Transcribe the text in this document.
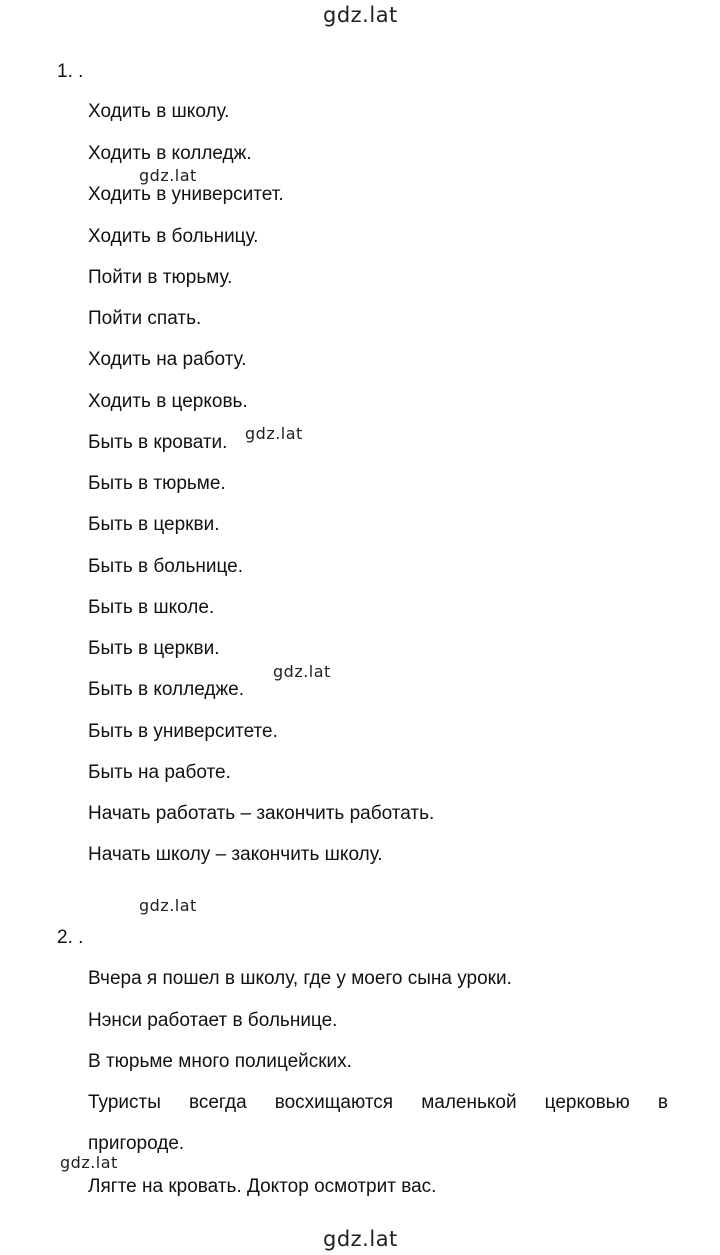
gdz.lat
gdz.lat
gdz.lat
gdz.lat
gdz.lat
gdz.lat
gdz.lat
1. .
Ходить в школу.
Ходить в колледж.
Ходить в университет.
Ходить в больницу.
Пойти в тюрьму.
Пойти спать.
Ходить на работу.
Ходить в церковь.
Быть в кровати.
Быть в тюрьме.
Быть в церкви.
Быть в больнице.
Быть в школе.
Быть в церкви.
Быть в колледже.
Быть в университете.
Быть на работе.
Начать работать – закончить работать.
Начать школу – закончить школу.
2. .
Вчера я пошел в школу, где у моего сына уроки.
Нэнси работает в больнице.
В тюрьме много полицейских.
Туристы всегда восхищаются маленькой церковью в
пригороде.
Лягте на кровать. Доктор осмотрит вас.
